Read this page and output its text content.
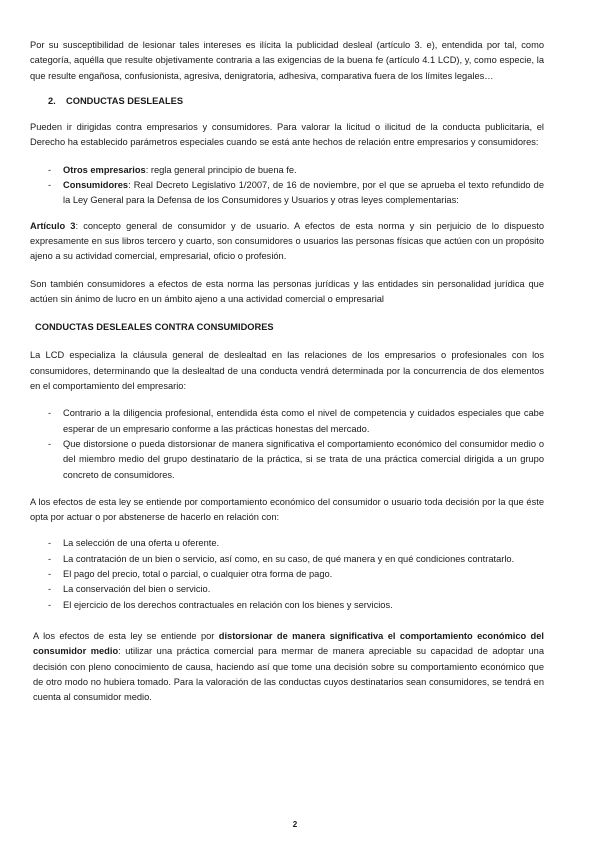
Por su susceptibilidad de lesionar tales intereses es ilícita la publicidad desleal (artículo 3. e), entendida por tal, como categoría, aquélla que resulte objetivamente contraria a las exigencias de la buena fe (artículo 4.1 LCD), y, como especie, la que resulte engañosa, confusionista, agresiva, denigratoria, adhesiva, comparativa fuera de los límites legales…

2. CONDUCTAS DESLEALES

Pueden ir dirigidas contra empresarios y consumidores. Para valorar la licitud o ilicitud de la conducta publicitaria, el Derecho ha establecido parámetros especiales cuando se está ante hechos de relación entre empresarios y consumidores:

- Otros empresarios: regla general principio de buena fe.
- Consumidores: Real Decreto Legislativo 1/2007, de 16 de noviembre, por el que se aprueba el texto refundido de la Ley General para la Defensa de los Consumidores y Usuarios y otras leyes complementarias:

Artículo 3: concepto general de consumidor y de usuario. A efectos de esta norma y sin perjuicio de lo dispuesto expresamente en sus libros tercero y cuarto, son consumidores o usuarios las personas físicas que actúen con un propósito ajeno a su actividad comercial, empresarial, oficio o profesión.

Son también consumidores a efectos de esta norma las personas jurídicas y las entidades sin personalidad jurídica que actúen sin ánimo de lucro en un ámbito ajeno a una actividad comercial o empresarial

CONDUCTAS DESLEALES CONTRA CONSUMIDORES

La LCD especializa la cláusula general de deslealtad en las relaciones de los empresarios o profesionales con los consumidores, determinando que la deslealtad de una conducta vendrá determinada por la concurrencia de dos elementos en el comportamiento del empresario:

- Contrario a la diligencia profesional, entendida ésta como el nivel de competencia y cuidados especiales que cabe esperar de un empresario conforme a las prácticas honestas del mercado.
- Que distorsione o pueda distorsionar de manera significativa el comportamiento económico del consumidor medio o del miembro medio del grupo destinatario de la práctica, si se trata de una práctica comercial dirigida a un grupo concreto de consumidores.

A los efectos de esta ley se entiende por comportamiento económico del consumidor o usuario toda decisión por la que éste opta por actuar o por abstenerse de hacerlo en relación con:

- La selección de una oferta u oferente.
- La contratación de un bien o servicio, así como, en su caso, de qué manera y en qué condiciones contratarlo.
- El pago del precio, total o parcial, o cualquier otra forma de pago.
- La conservación del bien o servicio.
- El ejercicio de los derechos contractuales en relación con los bienes y servicios.

A los efectos de esta ley se entiende por distorsionar de manera significativa el comportamiento económico del consumidor medio: utilizar una práctica comercial para mermar de manera apreciable su capacidad de adoptar una decisión con pleno conocimiento de causa, haciendo así que tome una decisión sobre su comportamiento económico que de otro modo no hubiera tomado. Para la valoración de las conductas cuyos destinatarios sean consumidores, se tendrá en cuenta al consumidor medio.

2
